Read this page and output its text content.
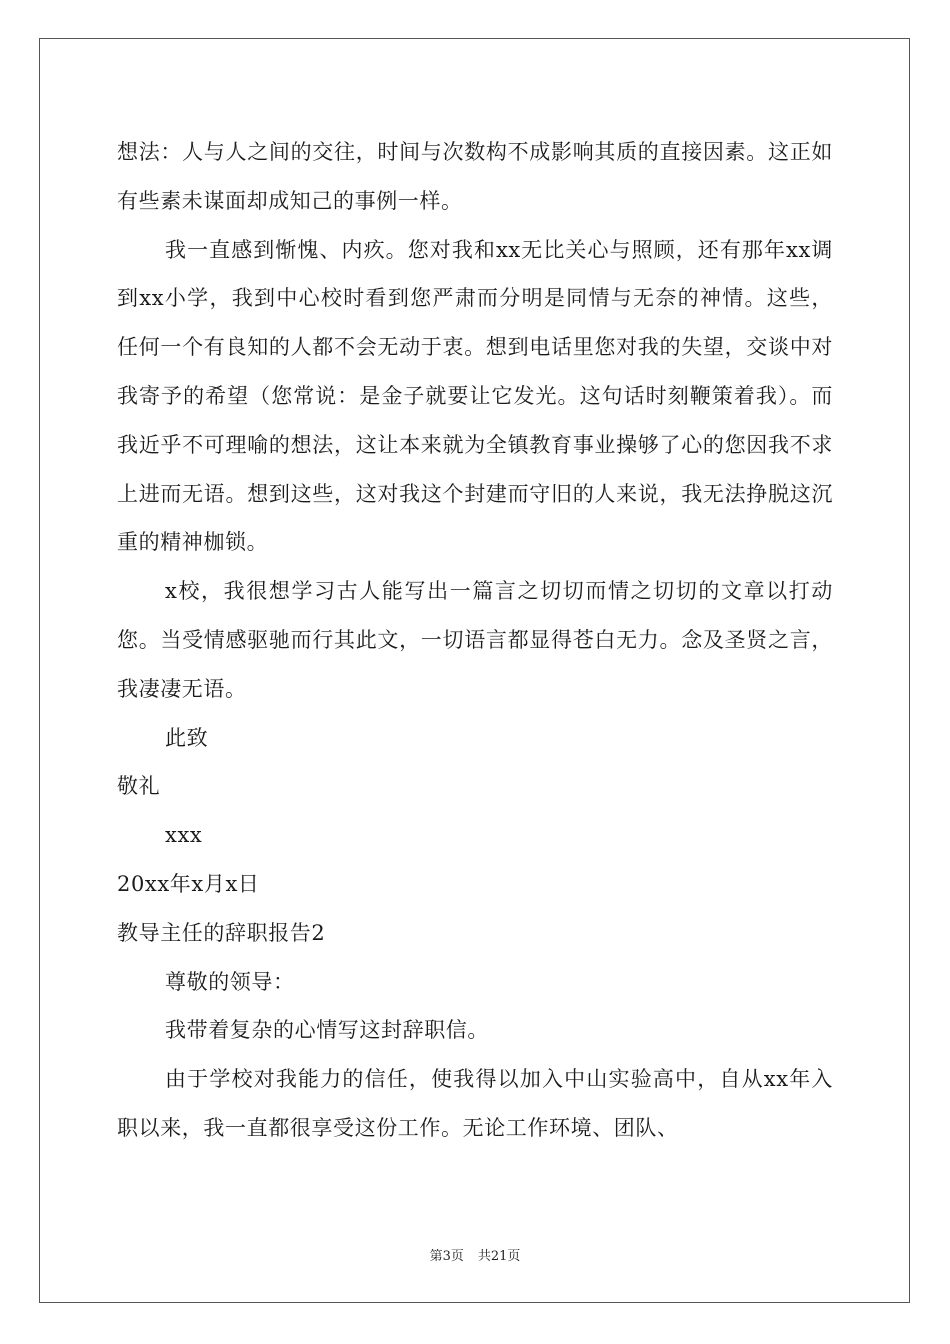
想法：人与人之间的交往，时间与次数构不成影响其质的直接因素。这正如有些素未谋面却成知己的事例一样。

我一直感到惭愧、内疚。您对我和xx无比关心与照顾，还有那年xx调到xx小学，我到中心校时看到您严肃而分明是同情与无奈的神情。这些，任何一个有良知的人都不会无动于衷。想到电话里您对我的失望，交谈中对我寄予的希望（您常说：是金子就要让它发光。这句话时刻鞭策着我）。而我近乎不可理喻的想法，这让本来就为全镇教育事业操够了心的您因我不求上进而无语。想到这些，这对我这个封建而守旧的人来说，我无法挣脱这沉重的精神枷锁。

x校，我很想学习古人能写出一篇言之切切而情之切切的文章以打动您。当受情感驱驰而行其此文，一切语言都显得苍白无力。念及圣贤之言，我凄凄无语。

此致

敬礼

xxx

20xx年x月x日

教导主任的辞职报告2

尊敬的领导：

我带着复杂的心情写这封辞职信。

由于学校对我能力的信任，使我得以加入中山实验高中，自从xx年入职以来，我一直都很享受这份工作。无论工作环境、团队、

第3页 共21页
